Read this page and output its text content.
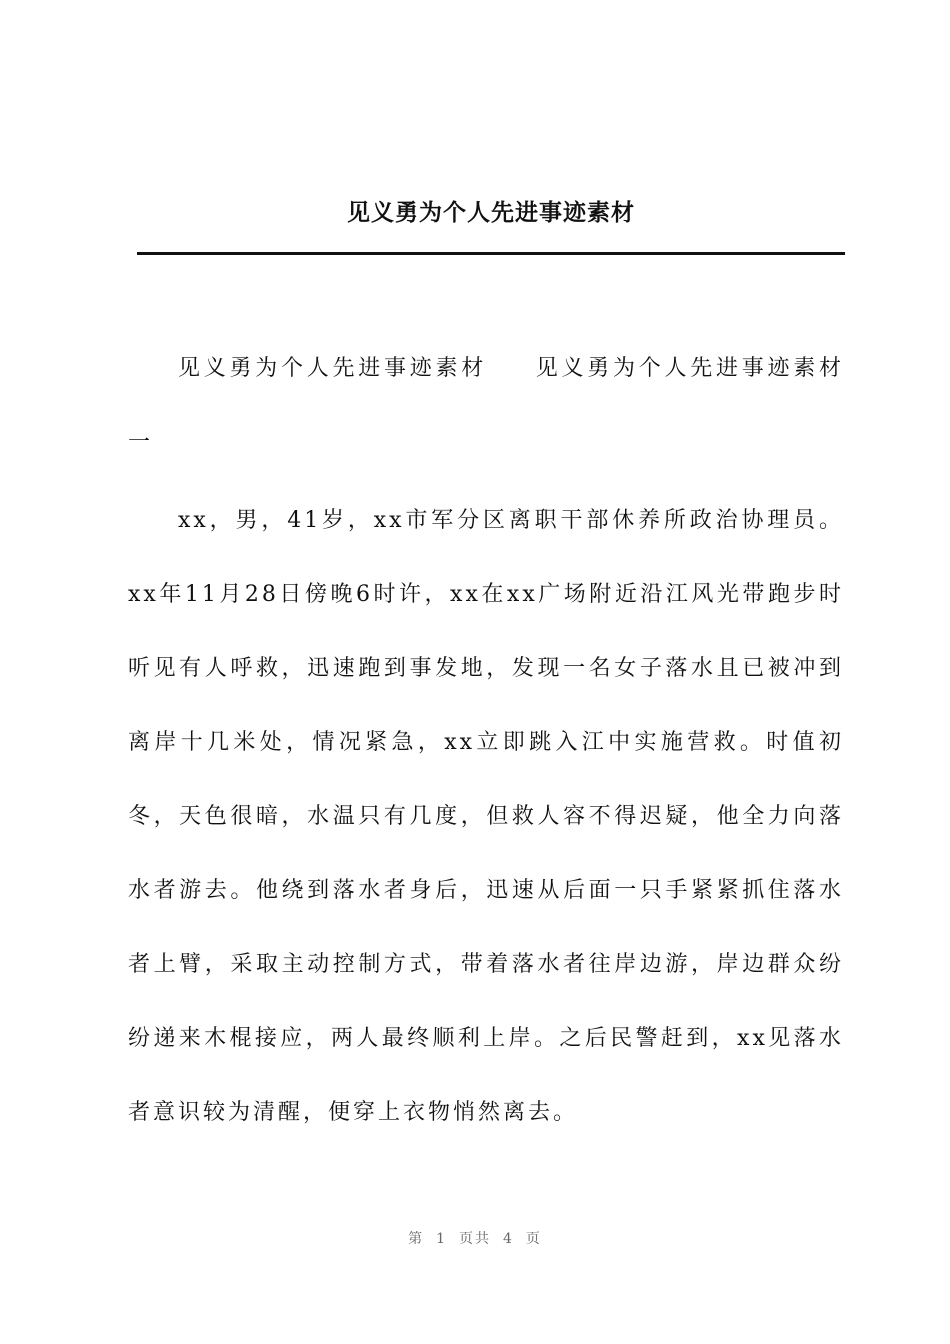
见义勇为个人先进事迹素材

见义勇为个人先进事迹素材 见义勇为个人先进事迹素材一

xx，男，41岁，xx市军分区离职干部休养所政治协理员。xx年11月28日傍晚6时许，xx在xx广场附近沿江风光带跑步时听见有人呼救，迅速跑到事发地，发现一名女子落水且已被冲到离岸十几米处，情况紧急，xx立即跳入江中实施营救。时值初冬，天色很暗，水温只有几度，但救人容不得迟疑，他全力向落水者游去。他绕到落水者身后，迅速从后面一只手紧紧抓住落水者上臂，采取主动控制方式，带着落水者往岸边游，岸边群众纷纷递来木棍接应，两人最终顺利上岸。之后民警赶到，xx见落水者意识较为清醒，便穿上衣物悄然离去。

第 1 页共 4 页
